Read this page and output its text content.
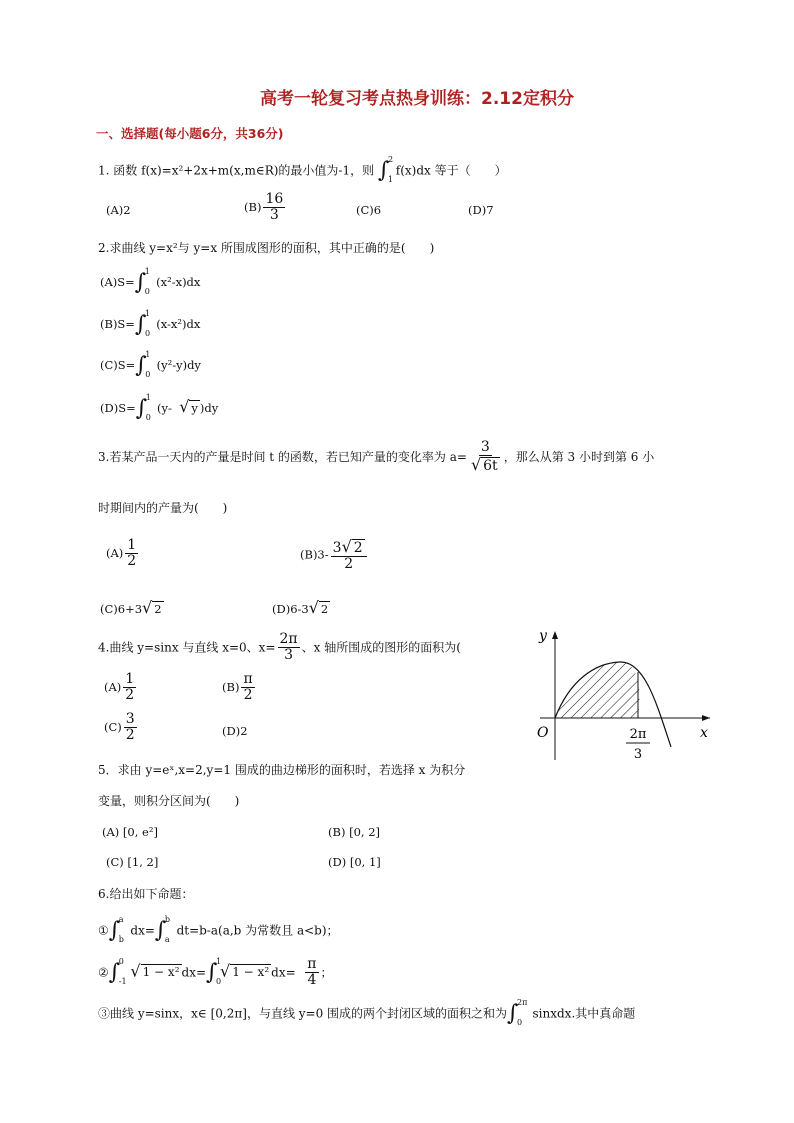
高考一轮复习考点热身训练：2.12定积分
一、选择题(每小题6分，共36分)
1. 函数 f(x)=x²+2x+m(x,m∈R)的最小值为-1，则 ∫
2
1
f(x)dx 等于（　　）
(A)2	$(B) \frac{16}{3}$	(C)6	(D)7
2.求曲线 y=x²与 y=x 所围成图形的面积，其中正确的是(　　)
(A)S=∫
1
0
(x²-x)dx
(B)S=∫
1
0
(x-x²)dx
(C)S=∫
1
0
(y²-y)dy
(D)S=∫
1
0
(y- √ y )dy
3.若某产品一天内的产量是时间 t 的函数，若已知产量的变化率为 $a= \frac{3}{√ 6t}$ ，那么从第 3 小时到第 6 小
时期间内的产量为(　　)
$(A) \frac{1}{2}$	$(B)3- \frac{3√ 2}{2}$
(C)6+3√ 2	(D)6-3√ 2
4.曲线 y=sinx 与直线 x=0、$x= \frac{2\pi}{3}$ 、x 轴所围成的图形的面积为(
$(A) \frac{1}{2}$	$(B) \frac{\pi}{2}$
$(C) \frac{3}{2}$	(D)2
y
x
O	2π
3
5．求由 y=eˣ,x=2,y=1 围成的曲边梯形的面积时，若选择 x 为积分
变量，则积分区间为(　　)
(A) [0, e²]	(B) [0, 2]
(C) [1, 2]	(D) [0, 1]
6.给出如下命题：
①∫
a
b
dx=∫
b
a
dt=b-a(a,b 为常数且 a<b)；
②∫
0
-1
√ 1 − x² dx=∫
1
0
√ 1 − x² $dx= \frac{\pi}{4}$ ；
③曲线 y=sinx，x∈ [0,2π]，与直线 y=0 围成的两个封闭区域的面积之和为∫
2π
0
sinxdx.其中真命题
